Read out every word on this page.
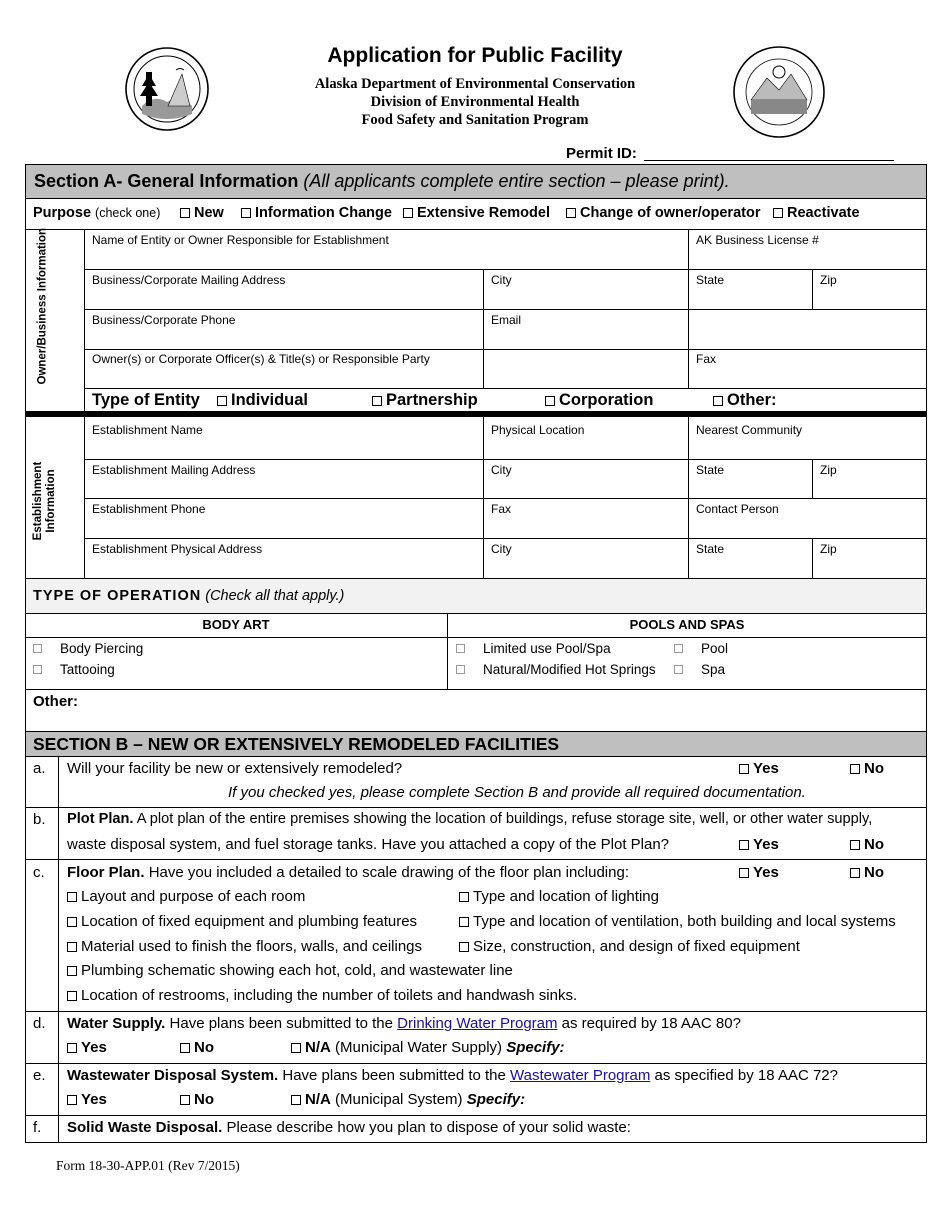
Application for Public Facility
Alaska Department of Environmental Conservation
Division of Environmental Health
Food Safety and Sanitation Program
Permit ID:
Section A- General Information (All applicants complete entire section – please print).
Purpose (check one)	New	Information Change	Extensive Remodel	Change of owner/operator	Reactivate
Owner/Business Information	Name of Entity or Owner Responsible for Establishment	AK Business License #
Business/Corporate Mailing Address	City	State	Zip
Business/Corporate Phone	Email
Owner(s) or Corporate Officer(s) & Title(s) or Responsible Party	Fax
Type of Entity	Individual	Partnership	Corporation	Other:
Establishment Information
Establishment Name	Physical Location	Nearest Community
Establishment Mailing Address	City	State	Zip
Establishment Phone	Fax	Contact Person
Establishment Physical Address	City	State	Zip
TYPE OF OPERATION (Check all that apply.)
BODY ART	POOLS AND SPAS
Body Piercing
Tattooing
Limited use Pool/Spa
Natural/Modified Hot Springs
Pool
Spa
Other:
SECTION B – NEW OR EXTENSIVELY REMODELED FACILITIES
a. Will your facility be new or extensively remodeled?	Yes	No
If you checked yes, please complete Section B and provide all required documentation.
b. Plot Plan. A plot plan of the entire premises showing the location of buildings, refuse storage site, well, or other water supply,
waste disposal system, and fuel storage tanks. Have you attached a copy of the Plot Plan?	Yes	No
c. Floor Plan. Have you included a detailed to scale drawing of the floor plan including:	Yes	No
Layout and purpose of each room
Location of fixed equipment and plumbing features
Material used to finish the floors, walls, and ceilings
Plumbing schematic showing each hot, cold, and wastewater line
Location of restrooms, including the number of toilets and handwash sinks.
Type and location of lighting
Type and location of ventilation, both building and local systems
Size, construction, and design of fixed equipment
d. Water Supply. Have plans been submitted to the Drinking Water Program as required by 18 AAC 80?
Yes	No	N/A (Municipal Water Supply) Specify:
e. Wastewater Disposal System. Have plans been submitted to the Wastewater Program as specified by 18 AAC 72?
Yes	No	N/A (Municipal System) Specify:
f. Solid Waste Disposal. Please describe how you plan to dispose of your solid waste:
Form 18-30-APP.01 (Rev 7/2015)
